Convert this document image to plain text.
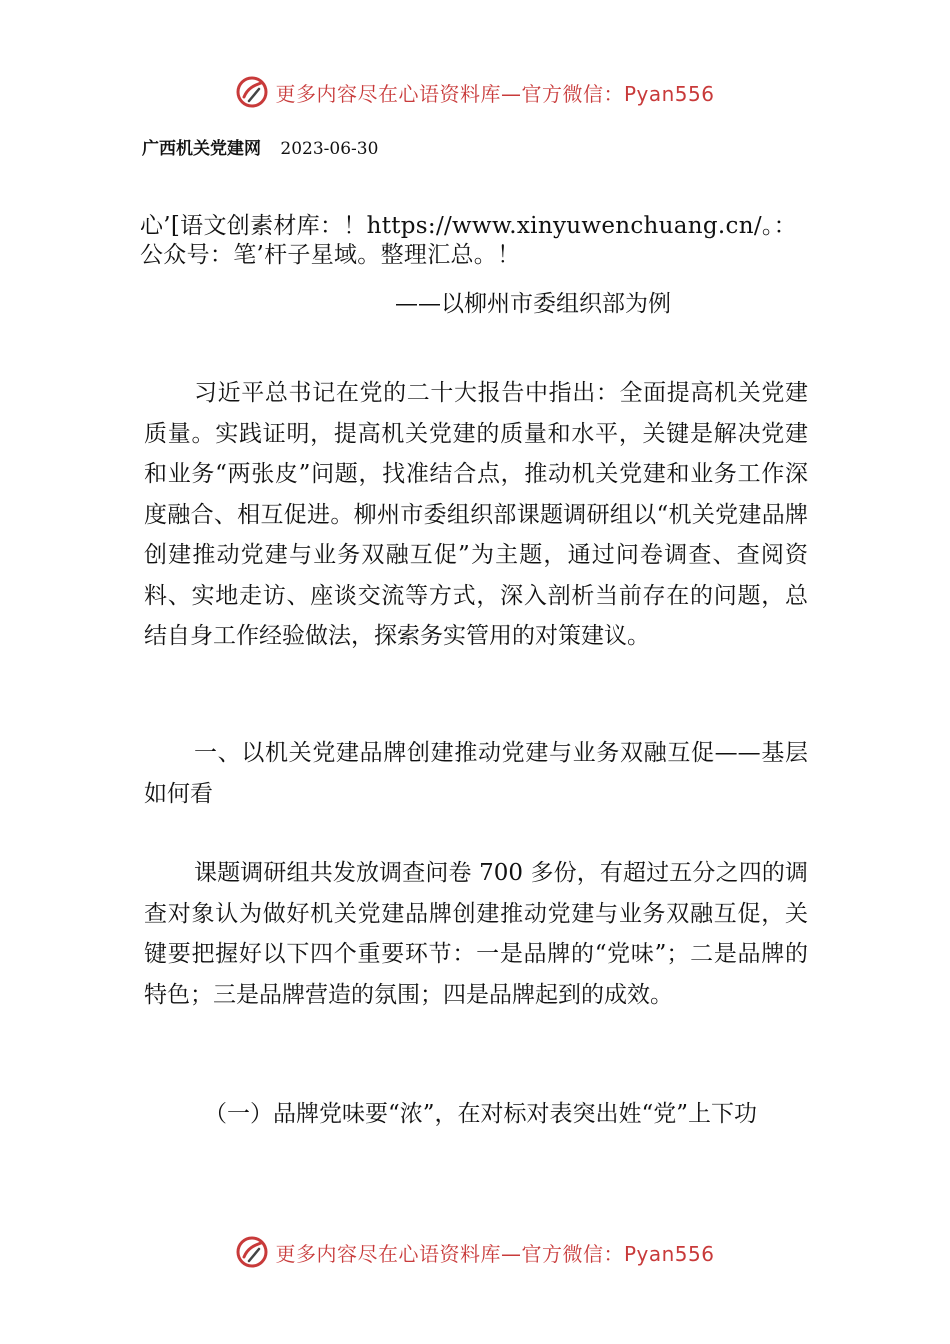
更多内容尽在心语资料库—官方微信：Pyan556
广西机关党建网 2023-06-30
心’[语文创素材库：！https://www.xinyuwenchuang.cn/。：
公众号：笔’杆子星域。整理汇总。！
——以柳州市委组织部为例

习近平总书记在党的二十大报告中指出：全面提高机关党建质量。实践证明，提高机关党建的质量和水平，关键是解决党建和业务“两张皮”问题，找准结合点，推动机关党建和业务工作深度融合、相互促进。柳州市委组织部课题调研组以“机关党建品牌创建推动党建与业务双融互促”为主题，通过问卷调查、查阅资料、实地走访、座谈交流等方式，深入剖析当前存在的问题，总结自身工作经验做法，探索务实管用的对策建议。

一、以机关党建品牌创建推动党建与业务双融互促——基层如何看

课题调研组共发放调查问卷 700 多份，有超过五分之四的调查对象认为做好机关党建品牌创建推动党建与业务双融互促，关键要把握好以下四个重要环节：一是品牌的“党味”；二是品牌的特色；三是品牌营造的氛围；四是品牌起到的成效。

（一）品牌党味要“浓”，在对标对表突出姓“党”上下功

更多内容尽在心语资料库—官方微信：Pyan556
